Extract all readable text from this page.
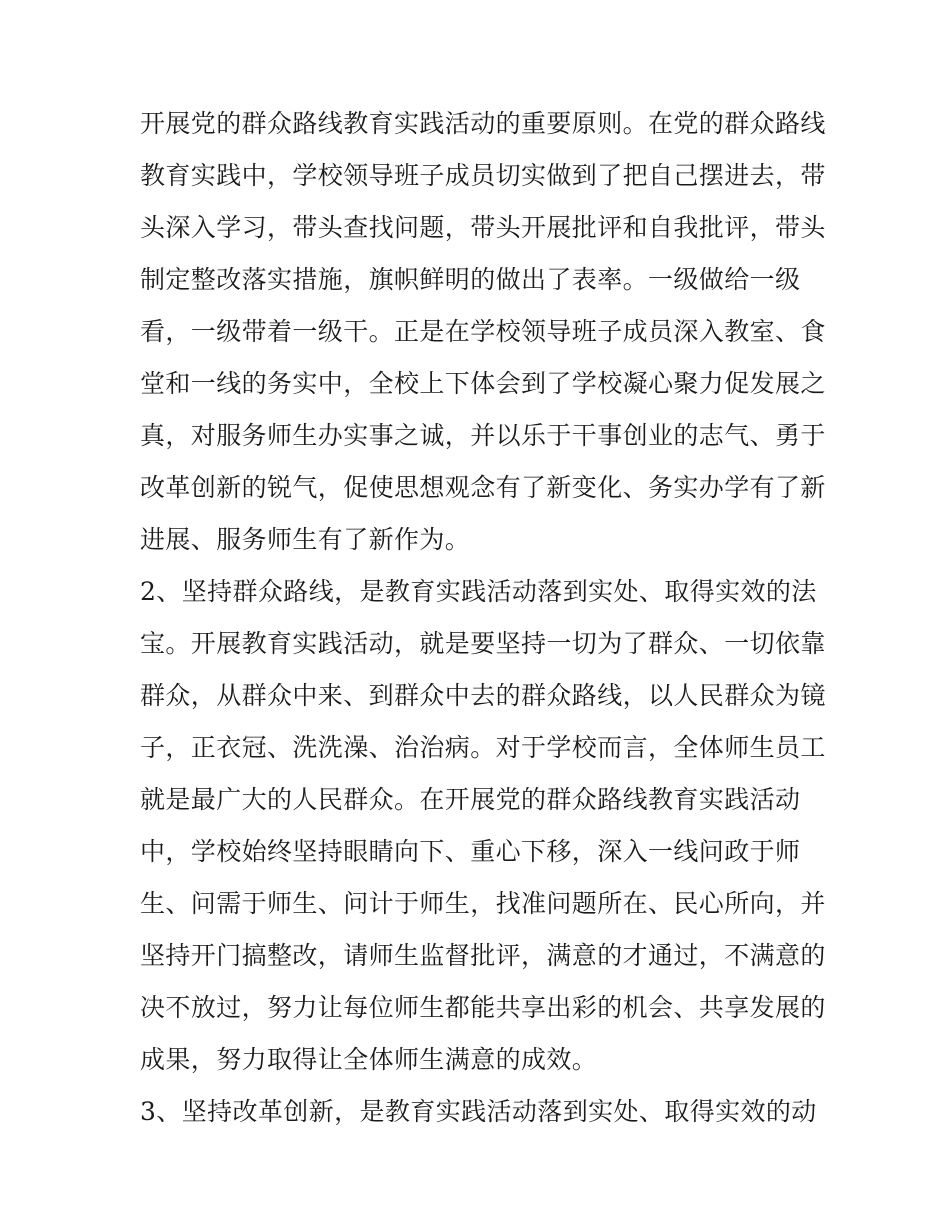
开展党的群众路线教育实践活动的重要原则。在党的群众路线
教育实践中，学校领导班子成员切实做到了把自己摆进去，带
头深入学习，带头查找问题，带头开展批评和自我批评，带头
制定整改落实措施，旗帜鲜明的做出了表率。一级做给一级
看，一级带着一级干。正是在学校领导班子成员深入教室、食
堂和一线的务实中，全校上下体会到了学校凝心聚力促发展之
真，对服务师生办实事之诚，并以乐于干事创业的志气、勇于
改革创新的锐气，促使思想观念有了新变化、务实办学有了新
进展、服务师生有了新作为。
2、坚持群众路线，是教育实践活动落到实处、取得实效的法
宝。开展教育实践活动，就是要坚持一切为了群众、一切依靠
群众，从群众中来、到群众中去的群众路线，以人民群众为镜
子，正衣冠、洗洗澡、治治病。对于学校而言，全体师生员工
就是最广大的人民群众。在开展党的群众路线教育实践活动
中，学校始终坚持眼睛向下、重心下移，深入一线问政于师
生、问需于师生、问计于师生，找准问题所在、民心所向，并
坚持开门搞整改，请师生监督批评，满意的才通过，不满意的
决不放过，努力让每位师生都能共享出彩的机会、共享发展的
成果，努力取得让全体师生满意的成效。
3、坚持改革创新，是教育实践活动落到实处、取得实效的动
